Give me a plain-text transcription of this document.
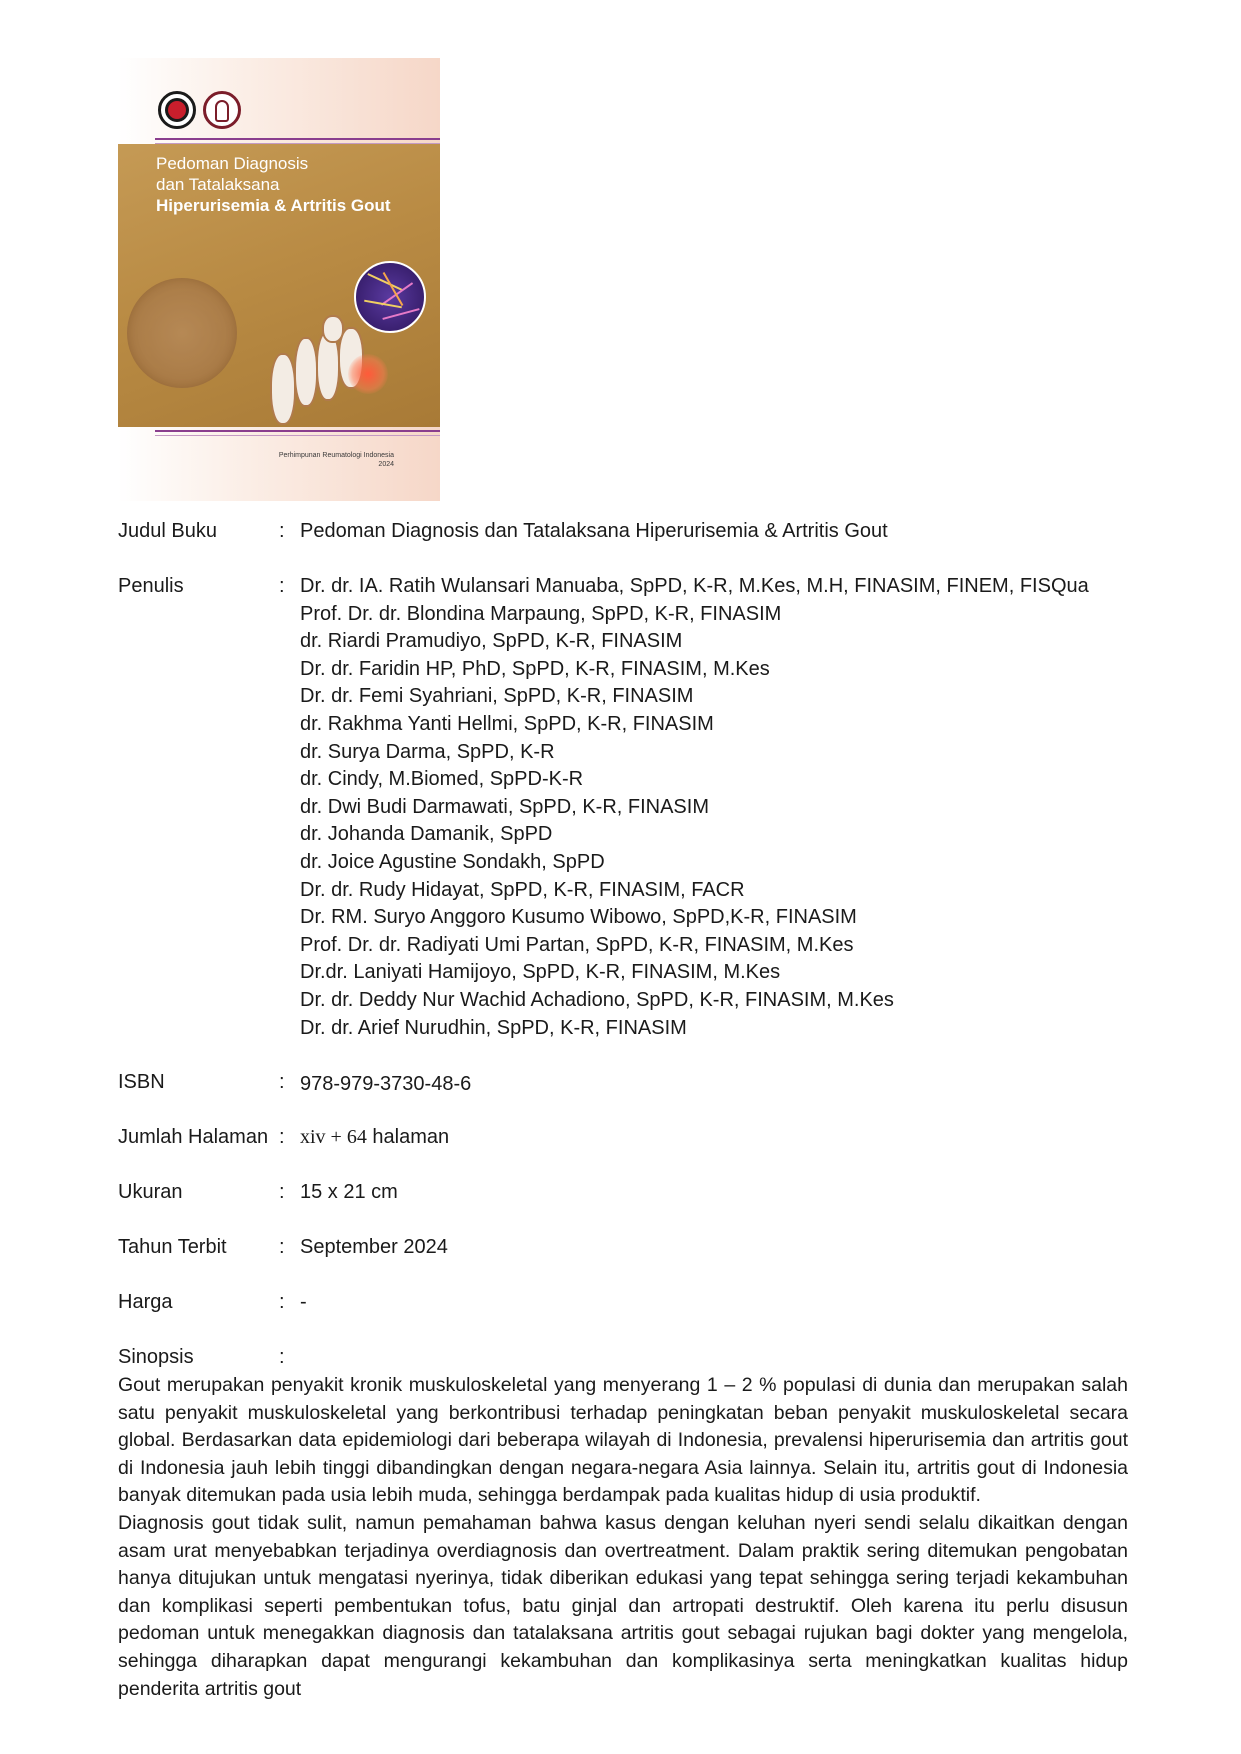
Pedoman Diagnosis
dan Tatalaksana
Hiperurisemia & Artritis Gout
Perhimpunan Reumatologi Indonesia
2024
Judul Buku	: Pedoman Diagnosis dan Tatalaksana Hiperurisemia & Artritis Gout
Penulis	: Dr. dr. IA. Ratih Wulansari Manuaba, SpPD, K-R, M.Kes, M.H, FINASIM, FINEM, FISQua
Prof. Dr. dr. Blondina Marpaung, SpPD, K-R, FINASIM
dr. Riardi Pramudiyo, SpPD, K-R, FINASIM
Dr. dr. Faridin HP, PhD, SpPD, K-R, FINASIM, M.Kes
Dr. dr. Femi Syahriani, SpPD, K-R, FINASIM
dr. Rakhma Yanti Hellmi, SpPD, K-R, FINASIM
dr. Surya Darma, SpPD, K-R
dr. Cindy, M.Biomed, SpPD-K-R
dr. Dwi Budi Darmawati, SpPD, K-R, FINASIM
dr. Johanda Damanik, SpPD
dr. Joice Agustine Sondakh, SpPD
Dr. dr. Rudy Hidayat, SpPD, K-R, FINASIM, FACR
Dr. RM. Suryo Anggoro Kusumo Wibowo, SpPD,K-R, FINASIM
Prof. Dr. dr. Radiyati Umi Partan, SpPD, K-R, FINASIM, M.Kes
Dr.dr. Laniyati Hamijoyo, SpPD, K-R, FINASIM, M.Kes
Dr. dr. Deddy Nur Wachid Achadiono, SpPD, K-R, FINASIM, M.Kes
Dr. dr. Arief Nurudhin, SpPD, K-R, FINASIM
ISBN	: 978-979-3730-48-6
Jumlah Halaman : xiv + 64 halaman
Ukuran	: 15 x 21 cm
Tahun Terbit	: September 2024
Harga	: -
Sinopsis	:

Gout merupakan penyakit kronik muskuloskeletal yang menyerang 1 – 2 % populasi di dunia dan merupakan salah satu penyakit muskuloskeletal yang berkontribusi terhadap peningkatan beban penyakit muskuloskeletal secara global. Berdasarkan data epidemiologi dari beberapa wilayah di Indonesia, prevalensi hiperurisemia dan artritis gout di Indonesia jauh lebih tinggi dibandingkan dengan negara-negara Asia lainnya. Selain itu, artritis gout di Indonesia banyak ditemukan pada usia lebih muda, sehingga berdampak pada kualitas hidup di usia produktif.

Diagnosis gout tidak sulit, namun pemahaman bahwa kasus dengan keluhan nyeri sendi selalu dikaitkan dengan asam urat menyebabkan terjadinya overdiagnosis dan overtreatment. Dalam praktik sering ditemukan pengobatan hanya ditujukan untuk mengatasi nyerinya, tidak diberikan edukasi yang tepat sehingga sering terjadi kekambuhan dan komplikasi seperti pembentukan tofus, batu ginjal dan artropati destruktif. Oleh karena itu perlu disusun pedoman untuk menegakkan diagnosis dan tatalaksana artritis gout sebagai rujukan bagi dokter yang mengelola, sehingga diharapkan dapat mengurangi kekambuhan dan komplikasinya serta meningkatkan kualitas hidup penderita artritis gout
